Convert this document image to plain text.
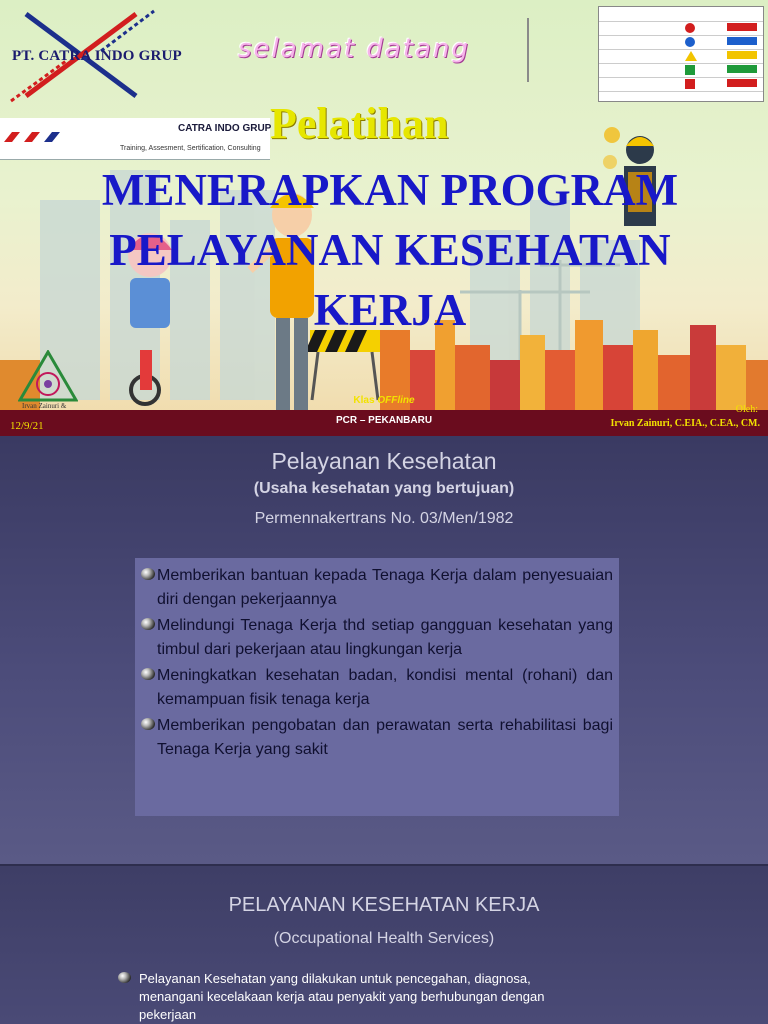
PT. CATRA INDO GRUP selamat datang
CATRA INDO GRUP
Training, Assesment, Sertification, Consulting
Pelatihan
MENERAPKAN PROGRAM PELAYANAN KESEHATAN KERJA
Irvan Zainuri &
12/9/21
Klas OFFline
PCR – PEKANBARU
Oleh:
Irvan Zainuri, C.EIA., C.EA., CM.
Pelayanan Kesehatan
(Usaha kesehatan yang bertujuan)
Permennakertrans No. 03/Men/1982
Memberikan bantuan kepada Tenaga Kerja dalam penyesuaian diri dengan pekerjaannya
Melindungi Tenaga Kerja thd setiap gangguan kesehatan yang timbul dari pekerjaan atau lingkungan kerja
Meningkatkan kesehatan badan, kondisi mental (rohani) dan kemampuan fisik tenaga kerja
Memberikan pengobatan dan perawatan serta rehabilitasi bagi Tenaga Kerja yang sakit
PELAYANAN KESEHATAN KERJA
(Occupational Health Services)
Pelayanan Kesehatan yang dilakukan untuk pencegahan, diagnosa, menangani kecelakaan kerja atau penyakit yang berhubungan dengan pekerjaan
